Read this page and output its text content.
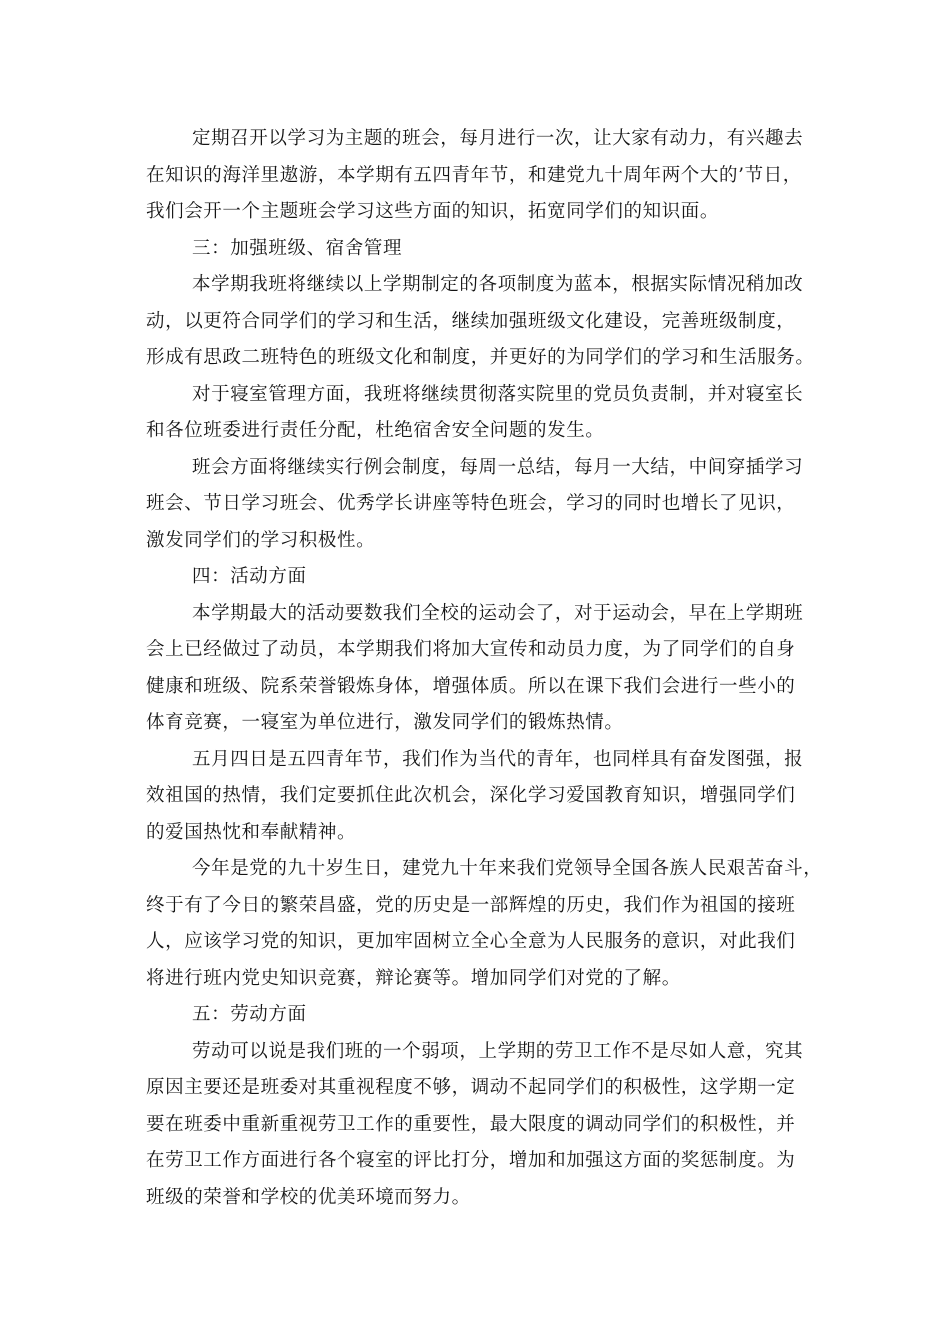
定期召开以学习为主题的班会，每月进行一次，让大家有动力，有兴趣去
在知识的海洋里遨游，本学期有五四青年节，和建党九十周年两个大的’节日，
我们会开一个主题班会学习这些方面的知识，拓宽同学们的知识面。
三：加强班级、宿舍管理
本学期我班将继续以上学期制定的各项制度为蓝本，根据实际情况稍加改
动，以更符合同学们的学习和生活，继续加强班级文化建设，完善班级制度，
形成有思政二班特色的班级文化和制度，并更好的为同学们的学习和生活服务。
对于寝室管理方面，我班将继续贯彻落实院里的党员负责制，并对寝室长
和各位班委进行责任分配，杜绝宿舍安全问题的发生。
班会方面将继续实行例会制度，每周一总结，每月一大结，中间穿插学习
班会、节日学习班会、优秀学长讲座等特色班会，学习的同时也增长了见识，
激发同学们的学习积极性。
四：活动方面
本学期最大的活动要数我们全校的运动会了，对于运动会，早在上学期班
会上已经做过了动员，本学期我们将加大宣传和动员力度，为了同学们的自身
健康和班级、院系荣誉锻炼身体，增强体质。所以在课下我们会进行一些小的
体育竞赛，一寝室为单位进行，激发同学们的锻炼热情。
五月四日是五四青年节，我们作为当代的青年，也同样具有奋发图强，报
效祖国的热情，我们定要抓住此次机会，深化学习爱国教育知识，增强同学们
的爱国热忱和奉献精神。
今年是党的九十岁生日，建党九十年来我们党领导全国各族人民艰苦奋斗，
终于有了今日的繁荣昌盛，党的历史是一部辉煌的历史，我们作为祖国的接班
人，应该学习党的知识，更加牢固树立全心全意为人民服务的意识，对此我们
将进行班内党史知识竞赛，辩论赛等。增加同学们对党的了解。
五：劳动方面
劳动可以说是我们班的一个弱项，上学期的劳卫工作不是尽如人意，究其
原因主要还是班委对其重视程度不够，调动不起同学们的积极性，这学期一定
要在班委中重新重视劳卫工作的重要性，最大限度的调动同学们的积极性，并
在劳卫工作方面进行各个寝室的评比打分，增加和加强这方面的奖惩制度。为
班级的荣誉和学校的优美环境而努力。
